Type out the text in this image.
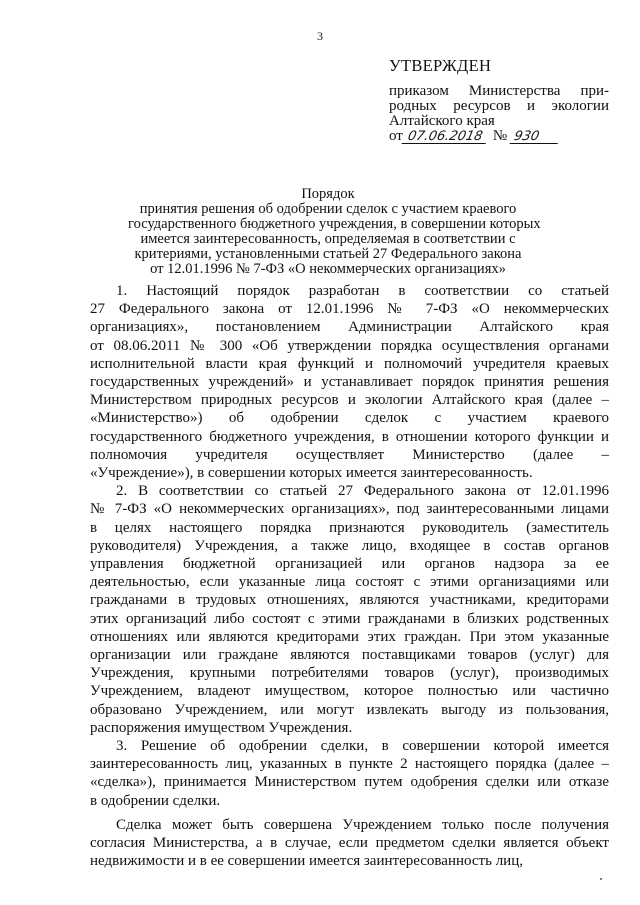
3
УТВЕРЖДЕН
приказом Министерства при-
родных ресурсов и экологии
Алтайского края
от 07.06.2018 № 930
Порядок
принятия решения об одобрении сделок с участием краевого
государственного бюджетного учреждения, в совершении которых
имеется заинтересованность, определяемая в соответствии с
критериями, установленными статьей 27 Федерального закона
от 12.01.1996 № 7-ФЗ «О некоммерческих организациях»
1. Настоящий порядок разработан в соответствии со статьей
27 Федерального закона от 12.01.1996 № 7-ФЗ «О некоммерческих
организациях», постановлением Администрации Алтайского края
от 08.06.2011 № 300 «Об утверждении порядка осуществления органами
исполнительной власти края функций и полномочий учредителя краевых
государственных учреждений» и устанавливает порядок принятия решения
Министерством природных ресурсов и экологии Алтайского края (далее –
«Министерство») об одобрении сделок с участием краевого
государственного бюджетного учреждения, в отношении которого функции и
полномочия учредителя осуществляет Министерство (далее –
«Учреждение»), в совершении которых имеется заинтересованность.
2. В соответствии со статьей 27 Федерального закона от 12.01.1996
№ 7-ФЗ «О некоммерческих организациях», под заинтересованными лицами
в целях настоящего порядка признаются руководитель (заместитель
руководителя) Учреждения, а также лицо, входящее в состав органов
управления бюджетной организацией или органов надзора за ее
деятельностью, если указанные лица состоят с этими организациями или
гражданами в трудовых отношениях, являются участниками, кредиторами
этих организаций либо состоят с этими гражданами в близких родственных
отношениях или являются кредиторами этих граждан. При этом указанные
организации или граждане являются поставщиками товаров (услуг) для
Учреждения, крупными потребителями товаров (услуг), производимых
Учреждением, владеют имуществом, которое полностью или частично
образовано Учреждением, или могут извлекать выгоду из пользования,
распоряжения имуществом Учреждения.
3. Решение об одобрении сделки, в совершении которой имеется
заинтересованность лиц, указанных в пункте 2 настоящего порядка (далее –
«сделка»), принимается Министерством путем одобрения сделки или отказе
в одобрении сделки.
Сделка может быть совершена Учреждением только после получения
согласия Министерства, а в случае, если предметом сделки является объект
недвижимости и в ее совершении имеется заинтересованность лиц,
